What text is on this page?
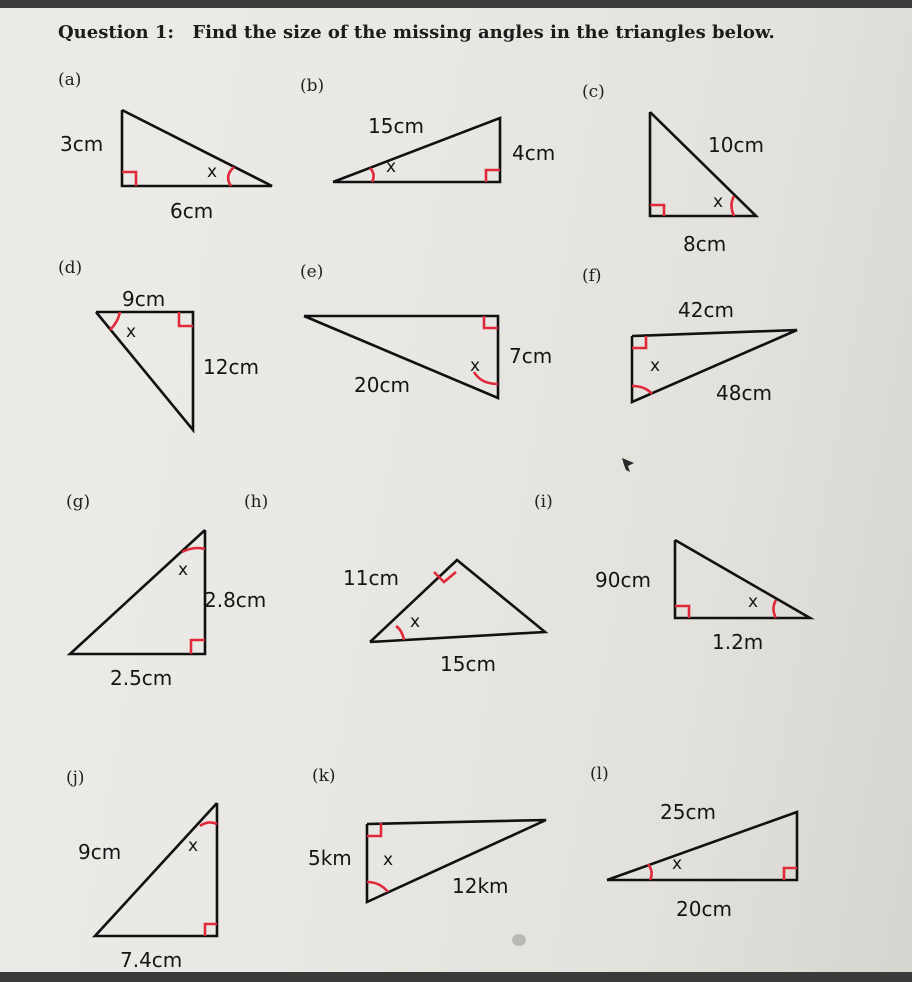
Question 1: Find the size of the missing angles in the triangles below.
(a)
3cm
6cm
x
(b)
15cm
4cm
x
(c)
10cm
8cm
x
(d)
9cm
12cm
x
(e)
7cm
20cm
x
(f)
42cm
48cm
x
(g)
2.8cm
2.5cm
x
(h)
11cm
15cm
x
(i)
90cm
1.2m
x
(j)
9cm
7.4cm
x
(k)
5km
12km
x
(l)
25cm
20cm
x
